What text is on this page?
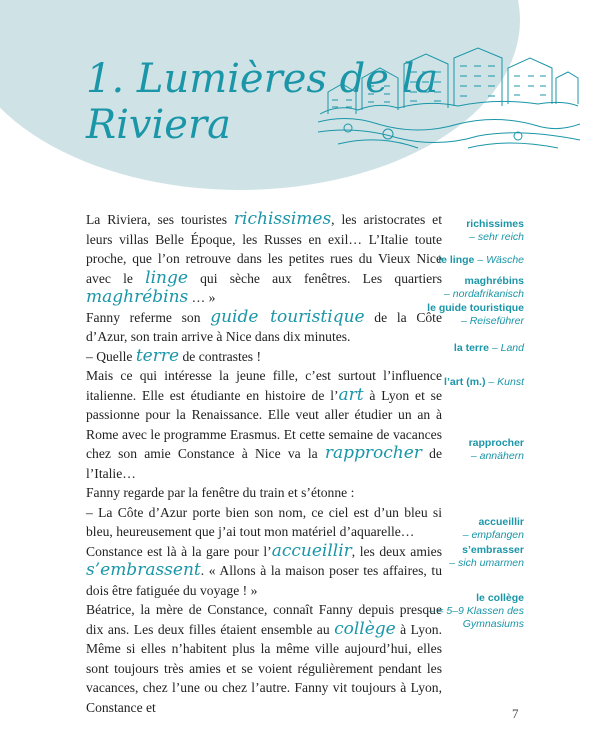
1. Lumières de la Riviera

La Riviera, ses touristes richissimes, les aristocrates et leurs villas Belle Époque, les Russes en exil… L’Italie toute proche, que l’on retrouve dans les petites rues du Vieux Nice avec le linge qui sèche aux fenêtres. Les quartiers maghrébins … »

Fanny referme son guide touristique de la Côte d’Azur, son train arrive à Nice dans dix minutes.

– Quelle terre de contrastes !

Mais ce qui intéresse la jeune fille, c’est surtout l’influence italienne. Elle est étudiante en histoire de l’art à Lyon et se passionne pour la Renaissance. Elle veut aller étudier un an à Rome avec le programme Erasmus. Et cette semaine de vacances chez son amie Constance à Nice va la rapprocher de l’Italie…

Fanny regarde par la fenêtre du train et s’étonne :

– La Côte d’Azur porte bien son nom, ce ciel est d’un bleu si bleu, heureusement que j’ai tout mon matériel d’aquarelle…

Constance est là à la gare pour l’accueillir, les deux amies s’embrassent. « Allons à la maison poser tes affaires, tu dois être fatiguée du voyage ! »

Béatrice, la mère de Constance, connaît Fanny depuis presque dix ans. Les deux filles étaient ensemble au collège à Lyon. Même si elles n’habitent plus la même ville aujourd’hui, elles sont toujours très amies et se voient régulièrement pendant les vacances, chez l’une ou chez l’autre. Fanny vit toujours à Lyon, Constance et

richissimes
– sehr reich
le linge – Wäsche
maghrébins
– nordafrikanisch
le guide touristique
– Reiseführer
la terre – Land
l’art (m.) – Kunst
rapprocher
– annähern
accueillir
– empfangen
s’embrasser
– sich umarmen
le collège
– ≈ 5–9 Klassen des Gymnasiums
7
